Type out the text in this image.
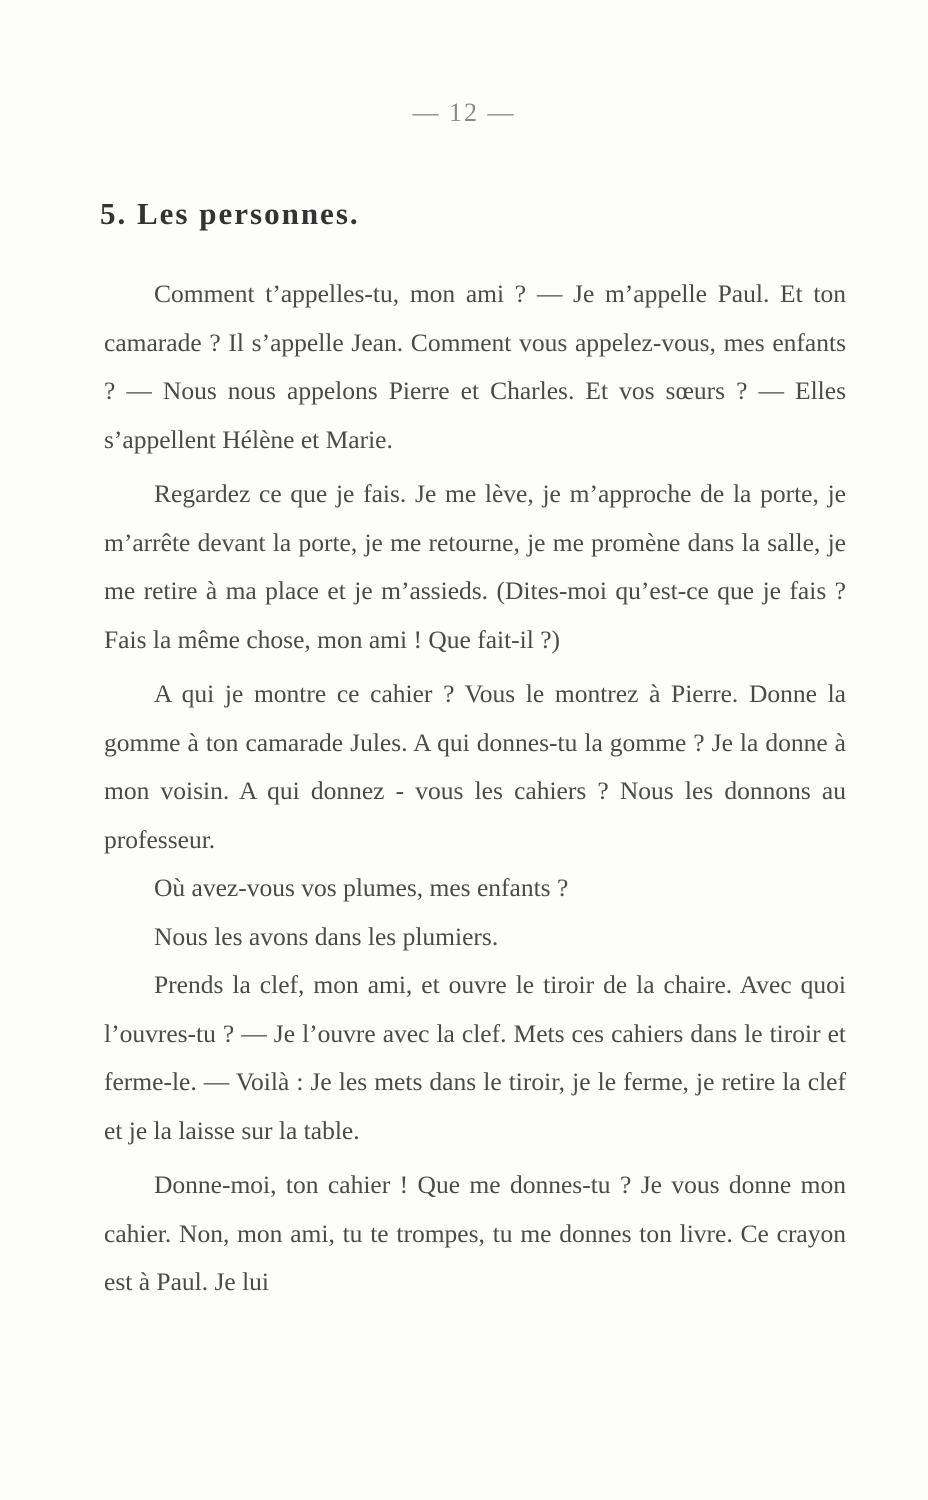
— 12 —
5. Les personnes.

Comment t’appelles-tu, mon ami ? — Je m’appelle Paul. Et ton camarade ? Il s’appelle Jean. Comment vous appelez-vous, mes enfants ? — Nous nous appelons Pierre et Charles. Et vos sœurs ? — Elles s’appellent Hélène et Marie.

Regardez ce que je fais. Je me lève, je m’approche de la porte, je m’arrête devant la porte, je me retourne, je me promène dans la salle, je me retire à ma place et je m’assieds. (Dites-moi qu’est-ce que je fais ? Fais la même chose, mon ami ! Que fait-il ?)

A qui je montre ce cahier ? Vous le montrez à Pierre. Donne la gomme à ton camarade Jules. A qui donnes-tu la gomme ? Je la donne à mon voisin. A qui donnez - vous les cahiers ? Nous les donnons au professeur.

Où avez-vous vos plumes, mes enfants ?

Nous les avons dans les plumiers.

Prends la clef, mon ami, et ouvre le tiroir de la chaire. Avec quoi l’ouvres-tu ? — Je l’ouvre avec la clef. Mets ces cahiers dans le tiroir et ferme-le. — Voilà : Je les mets dans le tiroir, je le ferme, je retire la clef et je la laisse sur la table.

Donne-moi, ton cahier ! Que me donnes-tu ? Je vous donne mon cahier. Non, mon ami, tu te trompes, tu me donnes ton livre. Ce crayon est à Paul. Je lui
